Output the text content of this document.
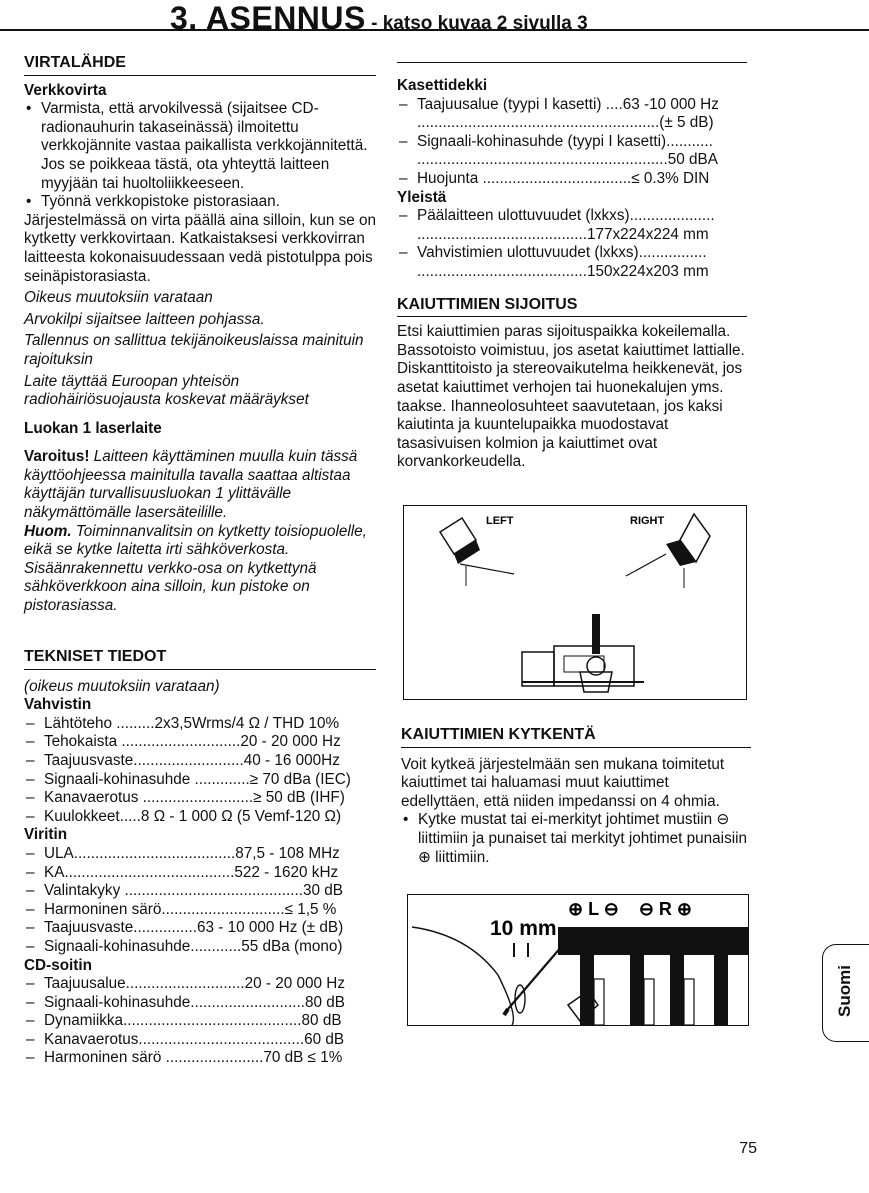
3. ASENNUS - katso kuvaa 2 sivulla 3
VIRTALÄHDE

Verkkovirta

• Varmista, että arvokilvessä (sijaitsee CD-radionauhurin takaseinässä) ilmoitettu verkkojännite vastaa paikallista verkkojännitettä. Jos se poikkeaa tästä, ota yhteyttä laitteen myyjään tai huoltoliikkeeseen.
• Työnnä verkkopistoke pistorasiaan.

Järjestelmässä on virta päällä aina silloin, kun se on kytketty verkkovirtaan. Katkaistaksesi verkkovirran laitteesta kokonaisuudessaan vedä pistotulppa pois seinäpistorasiasta.

Oikeus muutoksiin varataan

Arvokilpi sijaitsee laitteen pohjassa.

Tallennus on sallittua tekijänoikeuslaissa mainituin rajoituksin

Laite täyttää Euroopan yhteisön radiohäiriösuojausta koskevat määräykset

Luokan 1 laserlaite

Varoitus! Laitteen käyttäminen muulla kuin tässä käyttöohjeessa mainitulla tavalla saattaa altistaa käyttäjän turvallisuusluokan 1 ylittävälle näkymättömälle lasersäteilille.

Huom. Toiminnanvalitsin on kytketty toisiopuolelle, eikä se kytke laitetta irti sähköverkosta. Sisäänrakennettu verkko-osa on kytkettynä sähköverkkoon aina silloin, kun pistoke on pistorasiassa.

TEKNISET TIEDOT

(oikeus muutoksiin varataan)

Vahvistin

– Lähtöteho .........2x3,5Wrms/4 Ω / THD 10%
– Tehokaista ............................20 - 20 000 Hz
– Taajuusvaste..........................40 - 16 000Hz
– Signaali-kohinasuhde .............≥ 70 dBa (IEC)
– Kanavaerotus ..........................≥ 50 dB (IHF)
– Kuulokkeet.....8 Ω - 1 000 Ω (5 Vemf-120 Ω)

Viritin

– ULA......................................87,5 - 108 MHz
– KA........................................522 - 1620 kHz
– Valintakyky ..........................................30 dB
– Harmoninen särö.............................≤ 1,5 %
– Taajuusvaste...............63 - 10 000 Hz (± dB)
– Signaali-kohinasuhde............55 dBa (mono)

CD-soitin

– Taajuusalue............................20 - 20 000 Hz
– Signaali-kohinasuhde...........................80 dB
– Dynamiikka..........................................80 dB
– Kanavaerotus.......................................60 dB
– Harmoninen särö .......................70 dB ≤ 1%

Kasettidekki

– Taajuusalue (tyypi I kasetti) ....63 -10 000 Hz
.........................................................(± 5 dB)
– Signaali-kohinasuhde (tyypi I kasetti)...........
...........................................................50 dBA
– Huojunta ...................................≤ 0.3% DIN

Yleistä

– Päälaitteen ulottuvuudet (lxkxs)....................
........................................177x224x224 mm
– Vahvistimien ulottuvuudet (lxkxs)................
........................................150x224x203 mm
KAIUTTIMIEN SIJOITUS

Etsi kaiuttimien paras sijoituspaikka kokeilemalla. Bassotoisto voimistuu, jos asetat kaiuttimet lattialle. Diskanttitoisto ja stereovaikutelma heikkenevät, jos asetat kaiuttimet verhojen tai huonekalujen yms. taakse. Ihanneolosuhteet saavutetaan, jos kaksi kaiutinta ja kuuntelupaikka muodostavat tasasivuisen kolmion ja kaiuttimet ovat korvankorkeudella.

LEFT	RIGHT
KAIUTTIMIEN KYTKENTÄ

Voit kytkeä järjestelmään sen mukana toimitetut kaiuttimet tai haluamasi muut kaiuttimet edellyttäen, että niiden impedanssi on 4 ohmia.

• Kytke mustat tai ei-merkityt johtimet mustiin ⊖ liittimiin ja punaiset tai merkityt johtimet punaisiin ⊕ liittimiin.
10 mm
⊕ L ⊖    ⊖ R ⊕
Suomi
75
